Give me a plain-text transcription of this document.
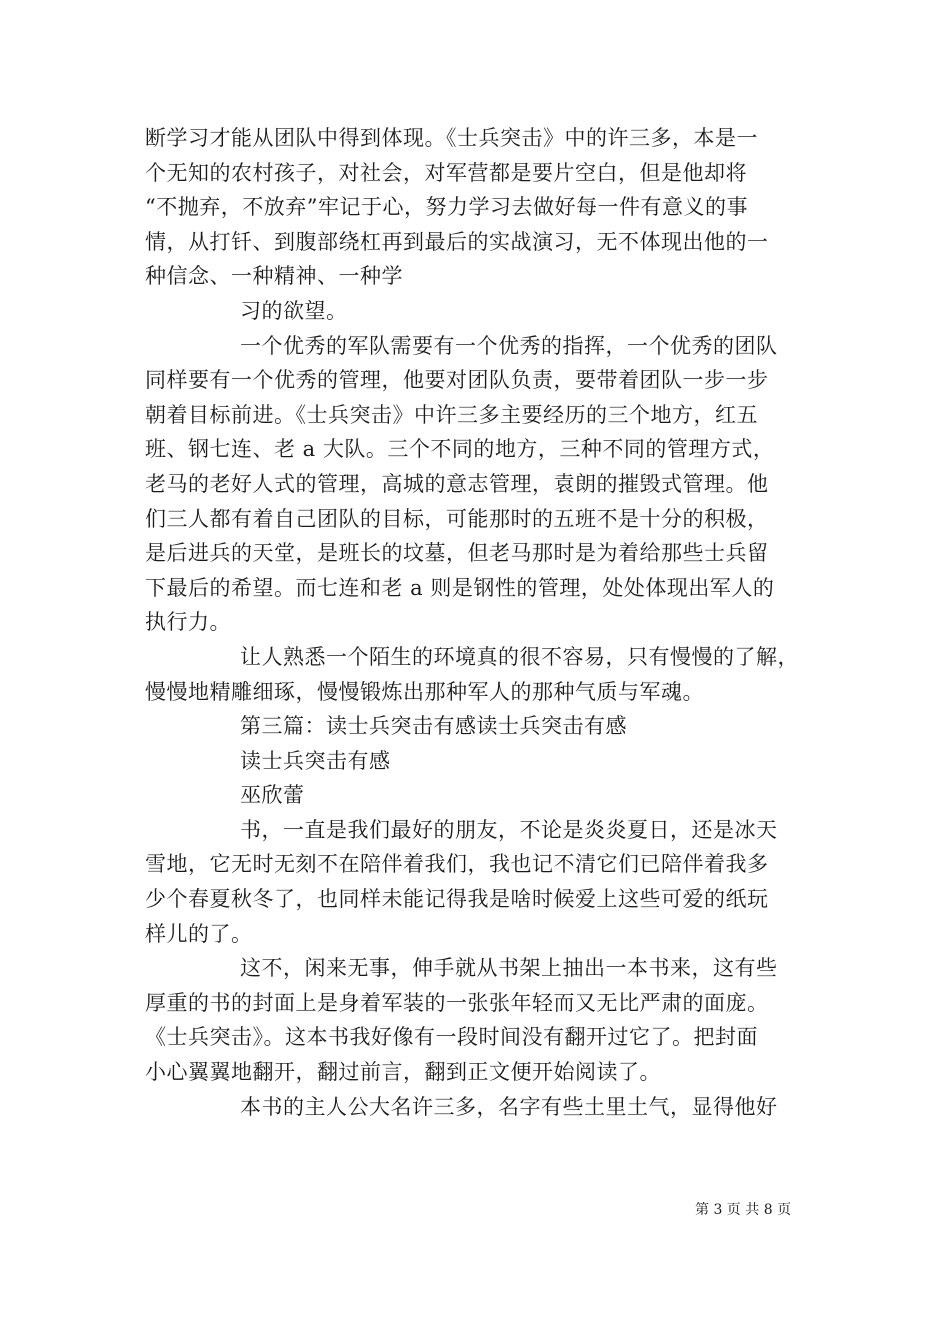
断学习才能从团队中得到体现。《士兵突击》中的许三多，本是一
个无知的农村孩子，对社会，对军营都是要片空白，但是他却将
“不抛弃，不放弃”牢记于心，努力学习去做好每一件有意义的事
情，从打钎、到腹部绕杠再到最后的实战演习，无不体现出他的一
种信念、一种精神、一种学
习的欲望。
一个优秀的军队需要有一个优秀的指挥，一个优秀的团队
同样要有一个优秀的管理，他要对团队负责，要带着团队一步一步
朝着目标前进。《士兵突击》中许三多主要经历的三个地方，红五
班、钢七连、老 a 大队。三个不同的地方，三种不同的管理方式，
老马的老好人式的管理，高城的意志管理，袁朗的摧毁式管理。他
们三人都有着自己团队的目标，可能那时的五班不是十分的积极，
是后进兵的天堂，是班长的坟墓，但老马那时是为着给那些士兵留
下最后的希望。而七连和老 a 则是钢性的管理，处处体现出军人的
执行力。
让人熟悉一个陌生的环境真的很不容易，只有慢慢的了解，
慢慢地精雕细琢，慢慢锻炼出那种军人的那种气质与军魂。
第三篇：读士兵突击有感读士兵突击有感
读士兵突击有感
巫欣蕾
书，一直是我们最好的朋友，不论是炎炎夏日，还是冰天
雪地，它无时无刻不在陪伴着我们，我也记不清它们已陪伴着我多
少个春夏秋冬了，也同样未能记得我是啥时候爱上这些可爱的纸玩
样儿的了。
这不，闲来无事，伸手就从书架上抽出一本书来，这有些
厚重的书的封面上是身着军装的一张张年轻而又无比严肃的面庞。
《士兵突击》。这本书我好像有一段时间没有翻开过它了。把封面
小心翼翼地翻开，翻过前言，翻到正文便开始阅读了。
本书的主人公大名许三多，名字有些土里土气，显得他好
第 3 页 共 8 页
